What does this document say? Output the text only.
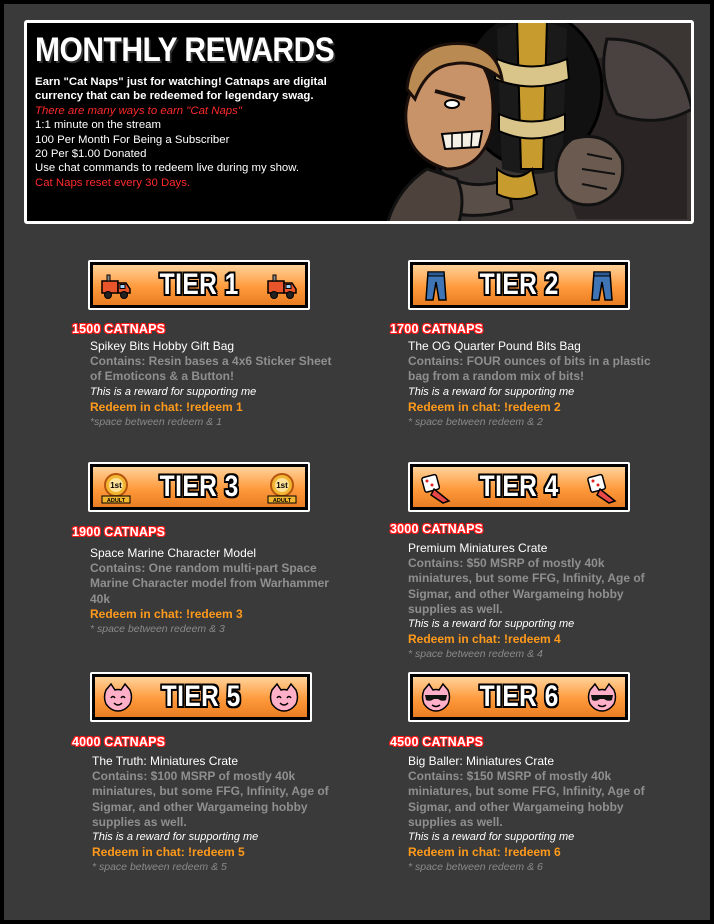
MONTHLY REWARDS
Earn "Cat Naps" just for watching! Catnaps are digital currency that can be redeemed for legendary swag.
There are many ways to earn "Cat Naps"
1:1 minute on the stream
100 Per Month For Being a Subscriber
20 Per $1.00 Donated
Use chat commands to redeem live during my show.
Cat Naps reset every 30 Days.
TIER 1
1500 CATNAPS
Spikey Bits Hobby Gift Bag
Contains: Resin bases a 4x6 Sticker Sheet of Emoticons & a Button!
This is a reward for supporting me
Redeem in chat: !redeem 1
*space between redeem & 1
TIER 2
1700 CATNAPS
The OG Quarter Pound Bits Bag
Contains: FOUR ounces of bits in a plastic bag from a random mix of bits!
This is a reward for supporting me
Redeem in chat: !redeem 2
* space between redeem & 2
1st
ADULT TIER 3	1st
ADULT
1900 CATNAPS
Space Marine Character Model
Contains: One random multi-part Space Marine Character model from Warhammer 40k
Redeem in chat: !redeem 3
* space between redeem & 3
TIER 4
3000 CATNAPS
Premium Miniatures Crate
Contains: $50 MSRP of mostly 40k miniatures, but some FFG, Infinity, Age of Sigmar, and other Wargameing hobby supplies as well.
This is a reward for supporting me
Redeem in chat: !redeem 4
* space between redeem & 4
TIER 5
4000 CATNAPS
The Truth: Miniatures Crate
Contains: $100 MSRP of mostly 40k miniatures, but some FFG, Infinity, Age of Sigmar, and other Wargameing hobby supplies as well.
This is a reward for supporting me
Redeem in chat: !redeem 5
* space between redeem & 5
TIER 6
4500 CATNAPS
Big Baller: Miniatures Crate
Contains: $150 MSRP of mostly 40k miniatures, but some FFG, Infinity, Age of Sigmar, and other Wargameing hobby supplies as well.
This is a reward for supporting me
Redeem in chat: !redeem 6
* space between redeem & 6
